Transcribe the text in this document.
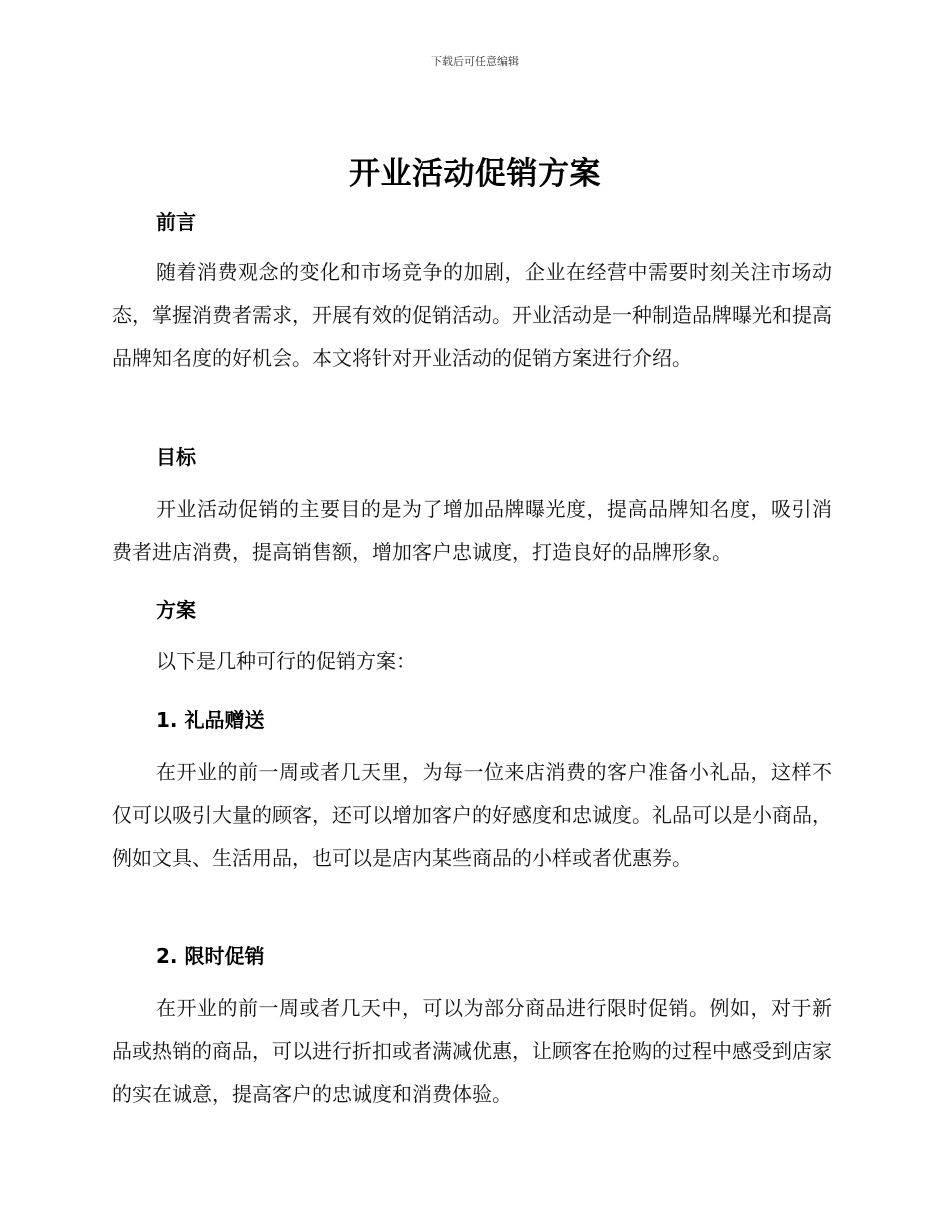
下载后可任意编辑
开业活动促销方案

前言

随着消费观念的变化和市场竞争的加剧，企业在经营中需要时刻关注市场动态，掌握消费者需求，开展有效的促销活动。开业活动是一种制造品牌曝光和提高品牌知名度的好机会。本文将针对开业活动的促销方案进行介绍。

目标

开业活动促销的主要目的是为了增加品牌曝光度，提高品牌知名度，吸引消费者进店消费，提高销售额，增加客户忠诚度，打造良好的品牌形象。

方案

以下是几种可行的促销方案：

1. 礼品赠送

在开业的前一周或者几天里，为每一位来店消费的客户准备小礼品，这样不仅可以吸引大量的顾客，还可以增加客户的好感度和忠诚度。礼品可以是小商品，例如文具、生活用品，也可以是店内某些商品的小样或者优惠券。

2. 限时促销

在开业的前一周或者几天中，可以为部分商品进行限时促销。例如，对于新品或热销的商品，可以进行折扣或者满减优惠，让顾客在抢购的过程中感受到店家的实在诚意，提高客户的忠诚度和消费体验。
